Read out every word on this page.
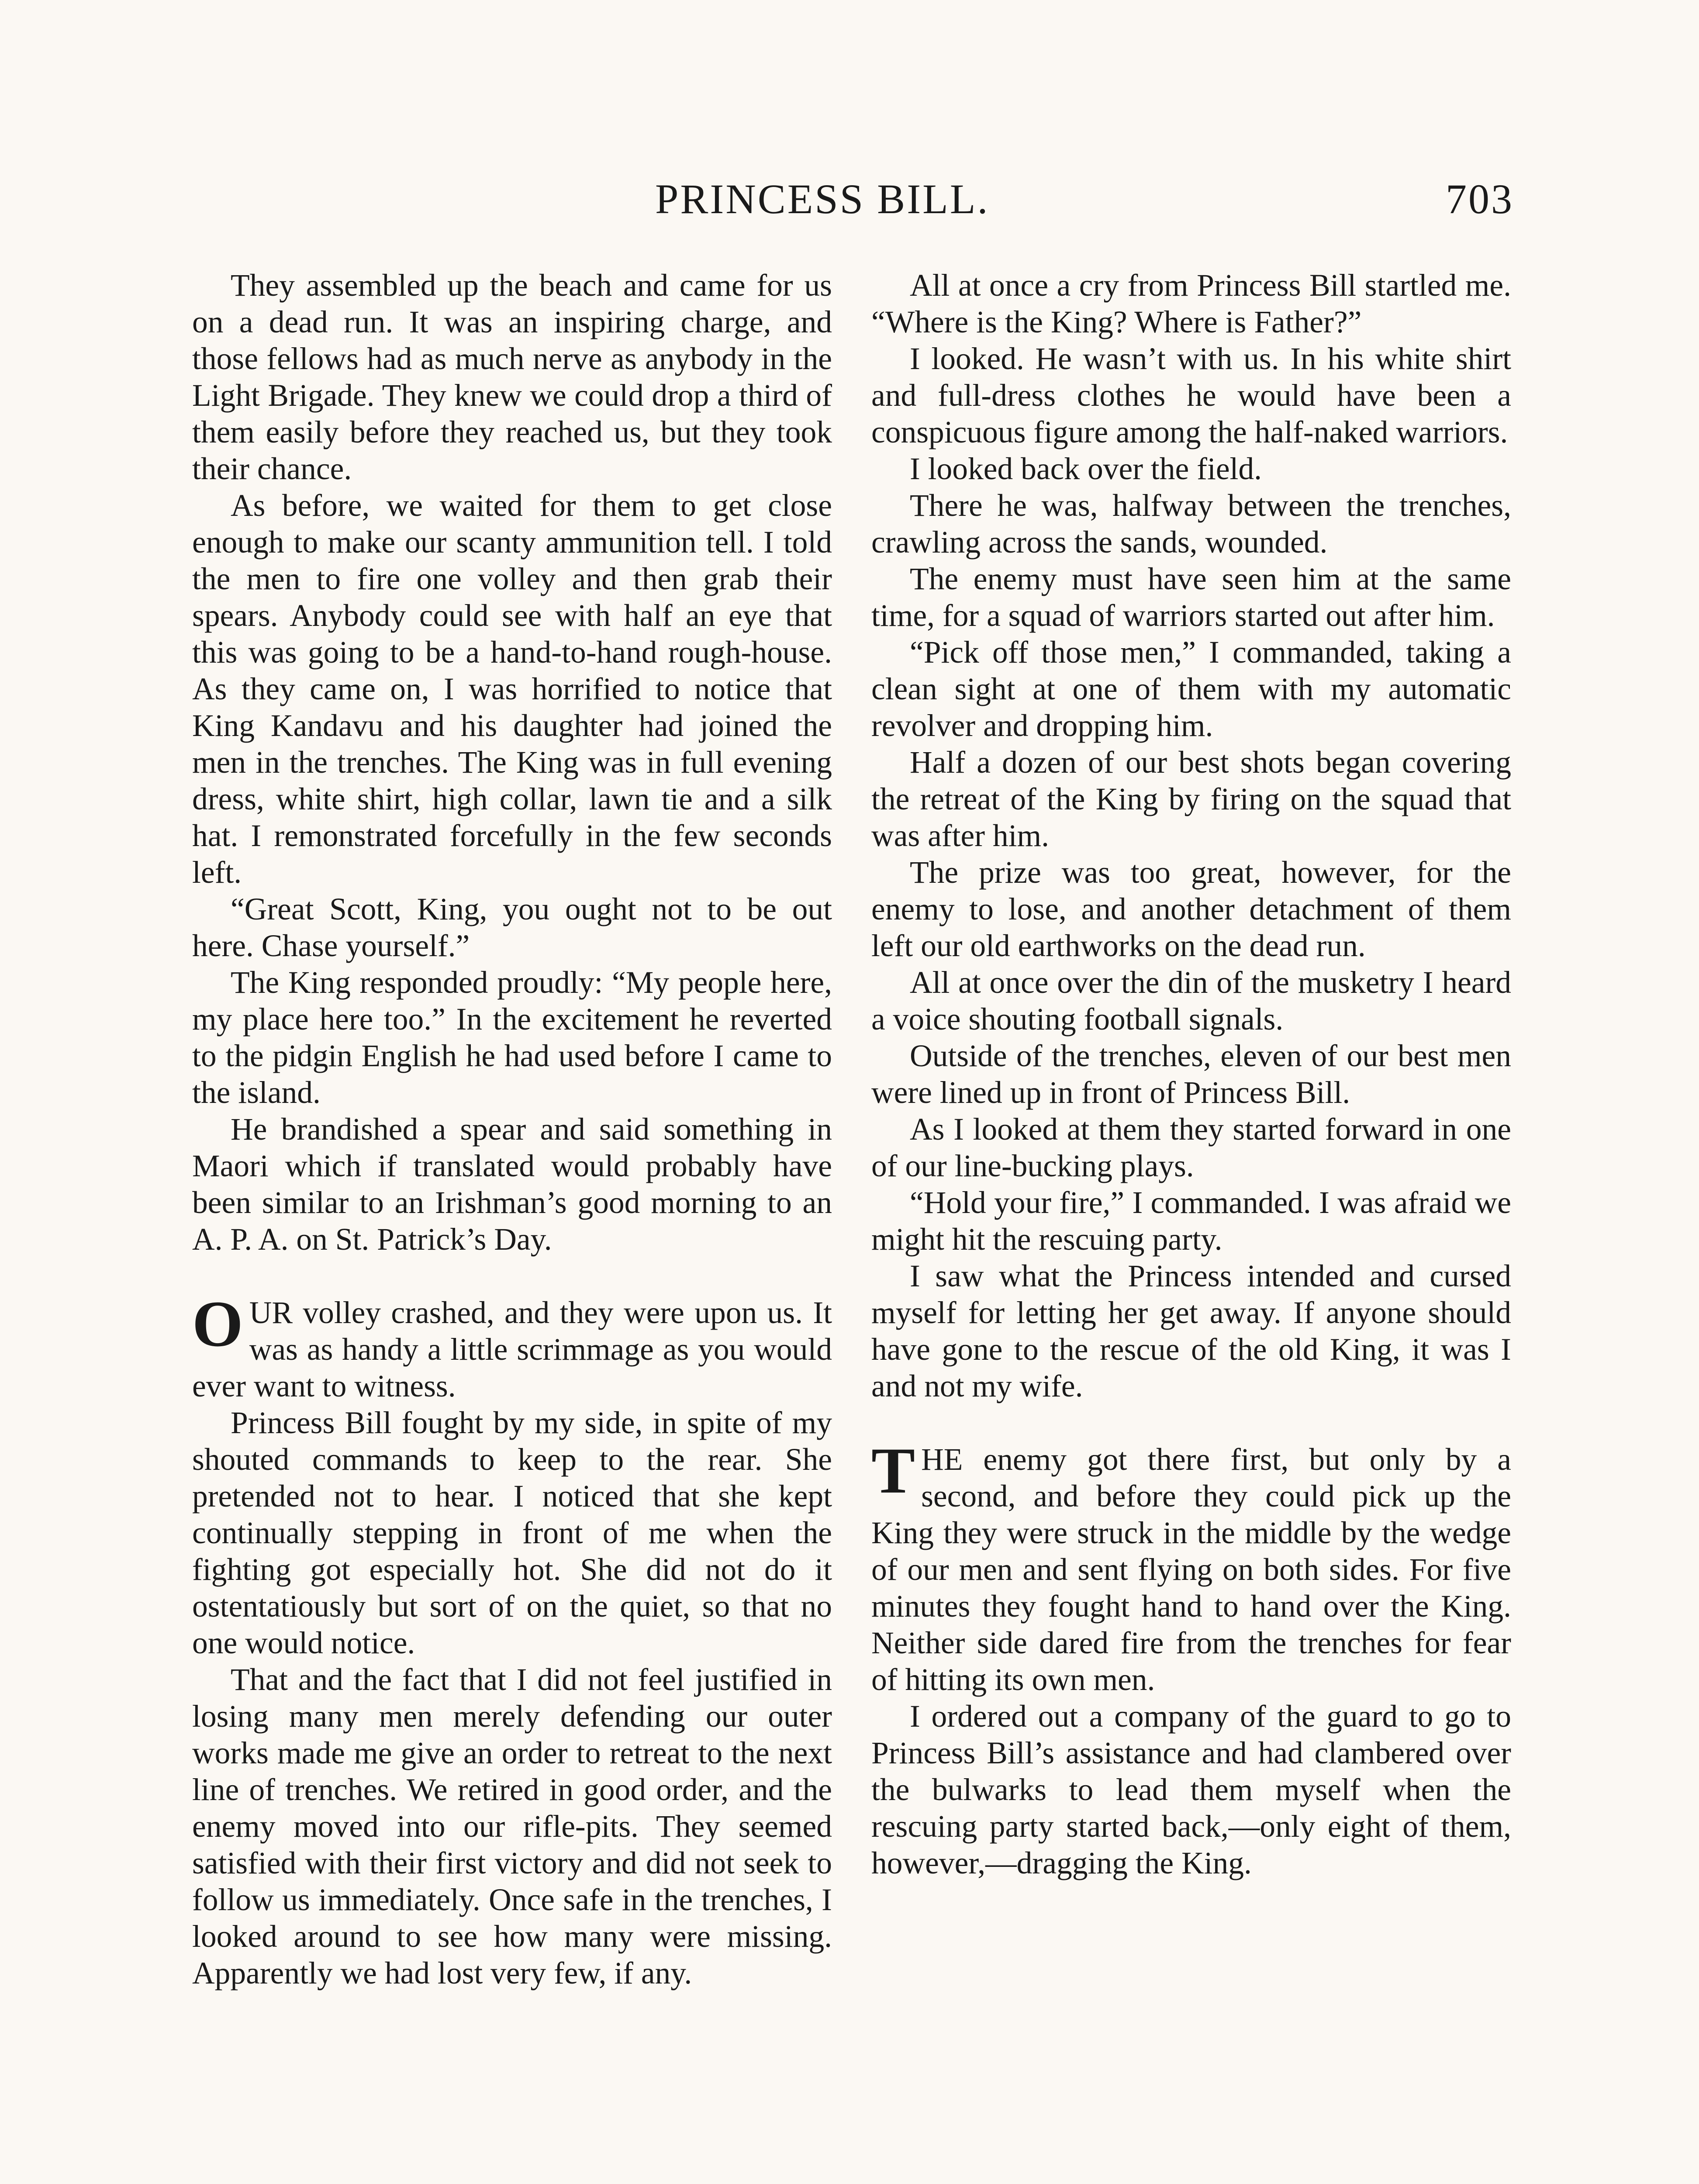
PRINCESS BILL.	703

They assembled up the beach and came for us on a dead run. It was an inspiring charge, and those fellows had as much nerve as anybody in the Light Brigade. They knew we could drop a third of them easily before they reached us, but they took their chance.

As before, we waited for them to get close enough to make our scanty ammunition tell. I told the men to fire one volley and then grab their spears. Anybody could see with half an eye that this was going to be a hand-to-hand rough-house. As they came on, I was horrified to notice that King Kandavu and his daughter had joined the men in the trenches. The King was in full evening dress, white shirt, high collar, lawn tie and a silk hat. I remonstrated forcefully in the few seconds left.

“Great Scott, King, you ought not to be out here. Chase yourself.”

The King responded proudly: “My people here, my place here too.” In the excitement he reverted to the pidgin English he had used before I came to the island.

He brandished a spear and said something in Maori which if translated would probably have been similar to an Irishman’s good morning to an A. P. A. on St. Patrick’s Day.

O UR volley crashed, and they were upon us. It was as handy a little scrimmage as you would ever want to witness.

Princess Bill fought by my side, in spite of my shouted commands to keep to the rear. She pretended not to hear. I noticed that she kept continually stepping in front of me when the fighting got especially hot. She did not do it ostentatiously but sort of on the quiet, so that no one would notice.

That and the fact that I did not feel justified in losing many men merely defending our outer works made me give an order to retreat to the next line of trenches. We retired in good order, and the enemy moved into our rifle-pits. They seemed satisfied with their first victory and did not seek to follow us immediately. Once safe in the trenches, I looked around to see how many were missing. Apparently we had lost very few, if any.

All at once a cry from Princess Bill startled me. “Where is the King? Where is Father?”

I looked. He wasn’t with us. In his white shirt and full-dress clothes he would have been a conspicuous figure among the half-naked warriors.

I looked back over the field.

There he was, halfway between the trenches, crawling across the sands, wounded.

The enemy must have seen him at the same time, for a squad of warriors started out after him.

“Pick off those men,” I commanded, taking a clean sight at one of them with my automatic revolver and dropping him.

Half a dozen of our best shots began covering the retreat of the King by firing on the squad that was after him.

The prize was too great, however, for the enemy to lose, and another detachment of them left our old earthworks on the dead run.

All at once over the din of the musketry I heard a voice shouting football signals.

Outside of the trenches, eleven of our best men were lined up in front of Princess Bill.

As I looked at them they started forward in one of our line-bucking plays.

“Hold your fire,” I commanded. I was afraid we might hit the rescuing party.

I saw what the Princess intended and cursed myself for letting her get away. If anyone should have gone to the rescue of the old King, it was I and not my wife.

T HE enemy got there first, but only by a second, and before they could pick up the King they were struck in the middle by the wedge of our men and sent flying on both sides. For five minutes they fought hand to hand over the King. Neither side dared fire from the trenches for fear of hitting its own men.

I ordered out a company of the guard to go to Princess Bill’s assistance and had clambered over the bulwarks to lead them myself when the rescuing party started back,—only eight of them, however,—dragging the King.
